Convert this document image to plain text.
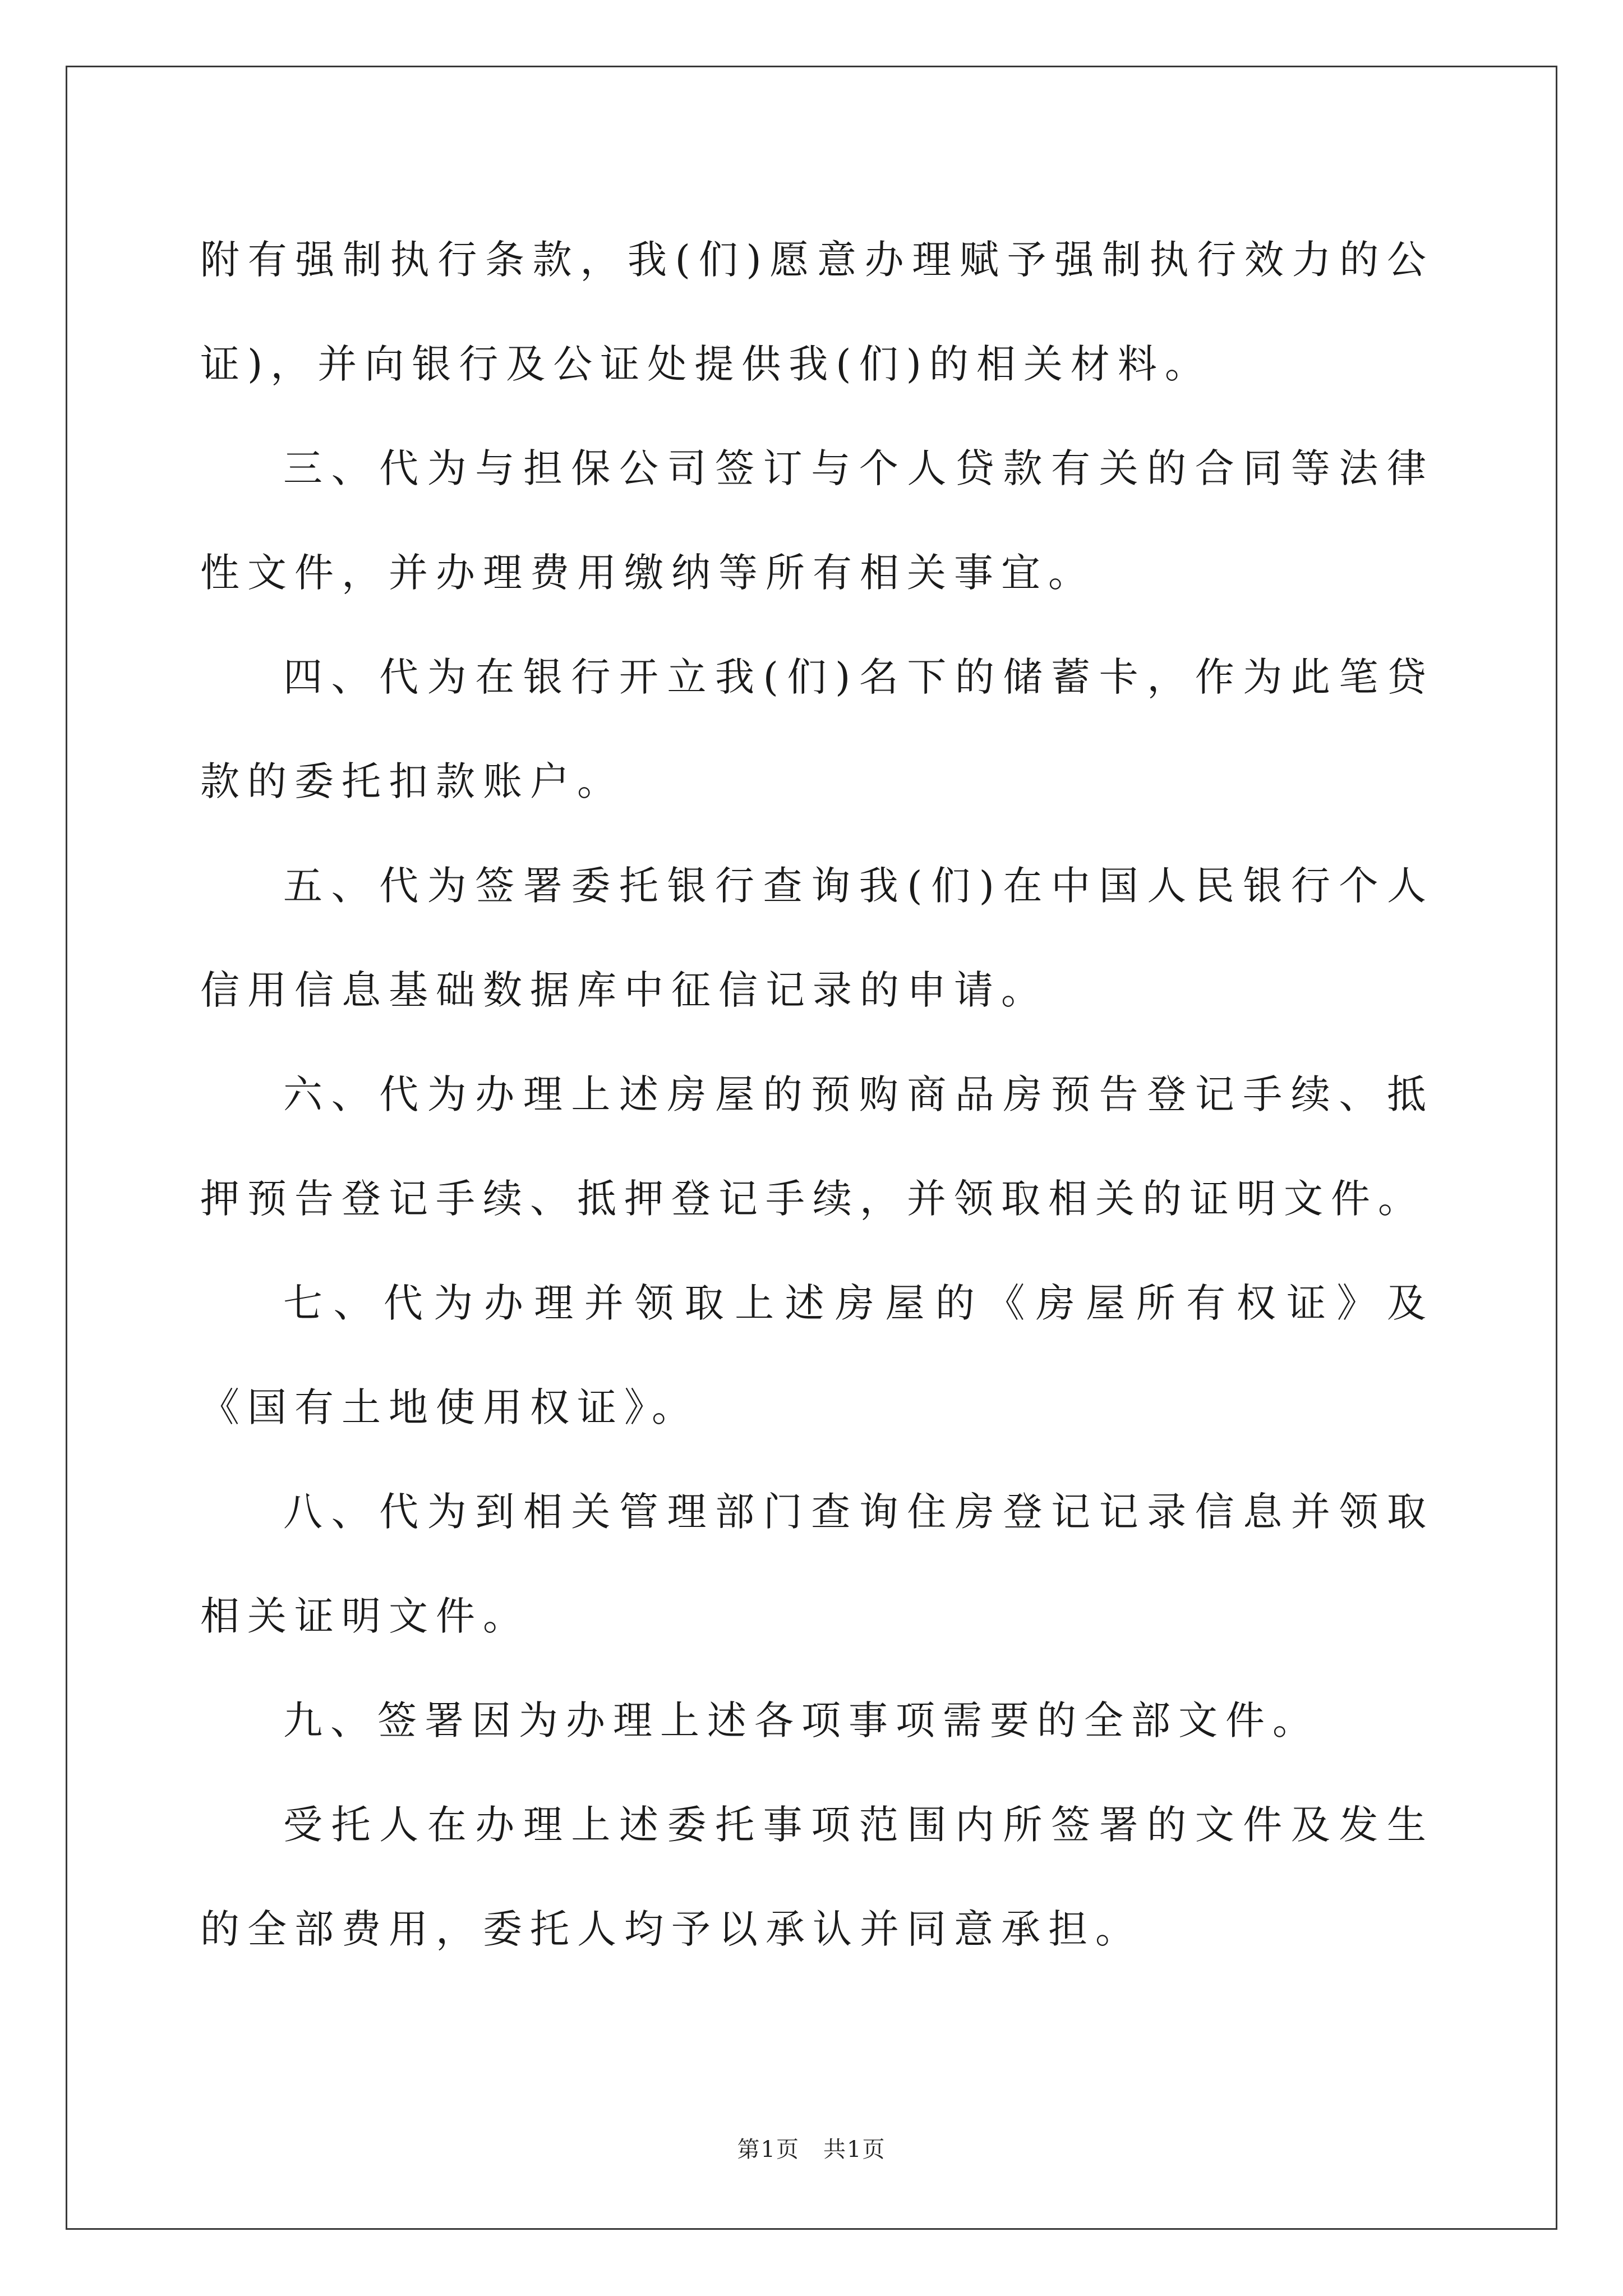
附有强制执行条款，我(们)愿意办理赋予强制执行效力的公证)，并向银行及公证处提供我(们)的相关材料。

三、代为与担保公司签订与个人贷款有关的合同等法律性文件，并办理费用缴纳等所有相关事宜。

四、代为在银行开立我(们)名下的储蓄卡，作为此笔贷款的委托扣款账户。

五、代为签署委托银行查询我(们)在中国人民银行个人信用信息基础数据库中征信记录的申请。

六、代为办理上述房屋的预购商品房预告登记手续、抵押预告登记手续、抵押登记手续，并领取相关的证明文件。

七、代为办理并领取上述房屋的《房屋所有权证》及《国有土地使用权证》。

八、代为到相关管理部门查询住房登记记录信息并领取相关证明文件。

九、签署因为办理上述各项事项需要的全部文件。

受托人在办理上述委托事项范围内所签署的文件及发生的全部费用，委托人均予以承认并同意承担。

第1页　共1页
